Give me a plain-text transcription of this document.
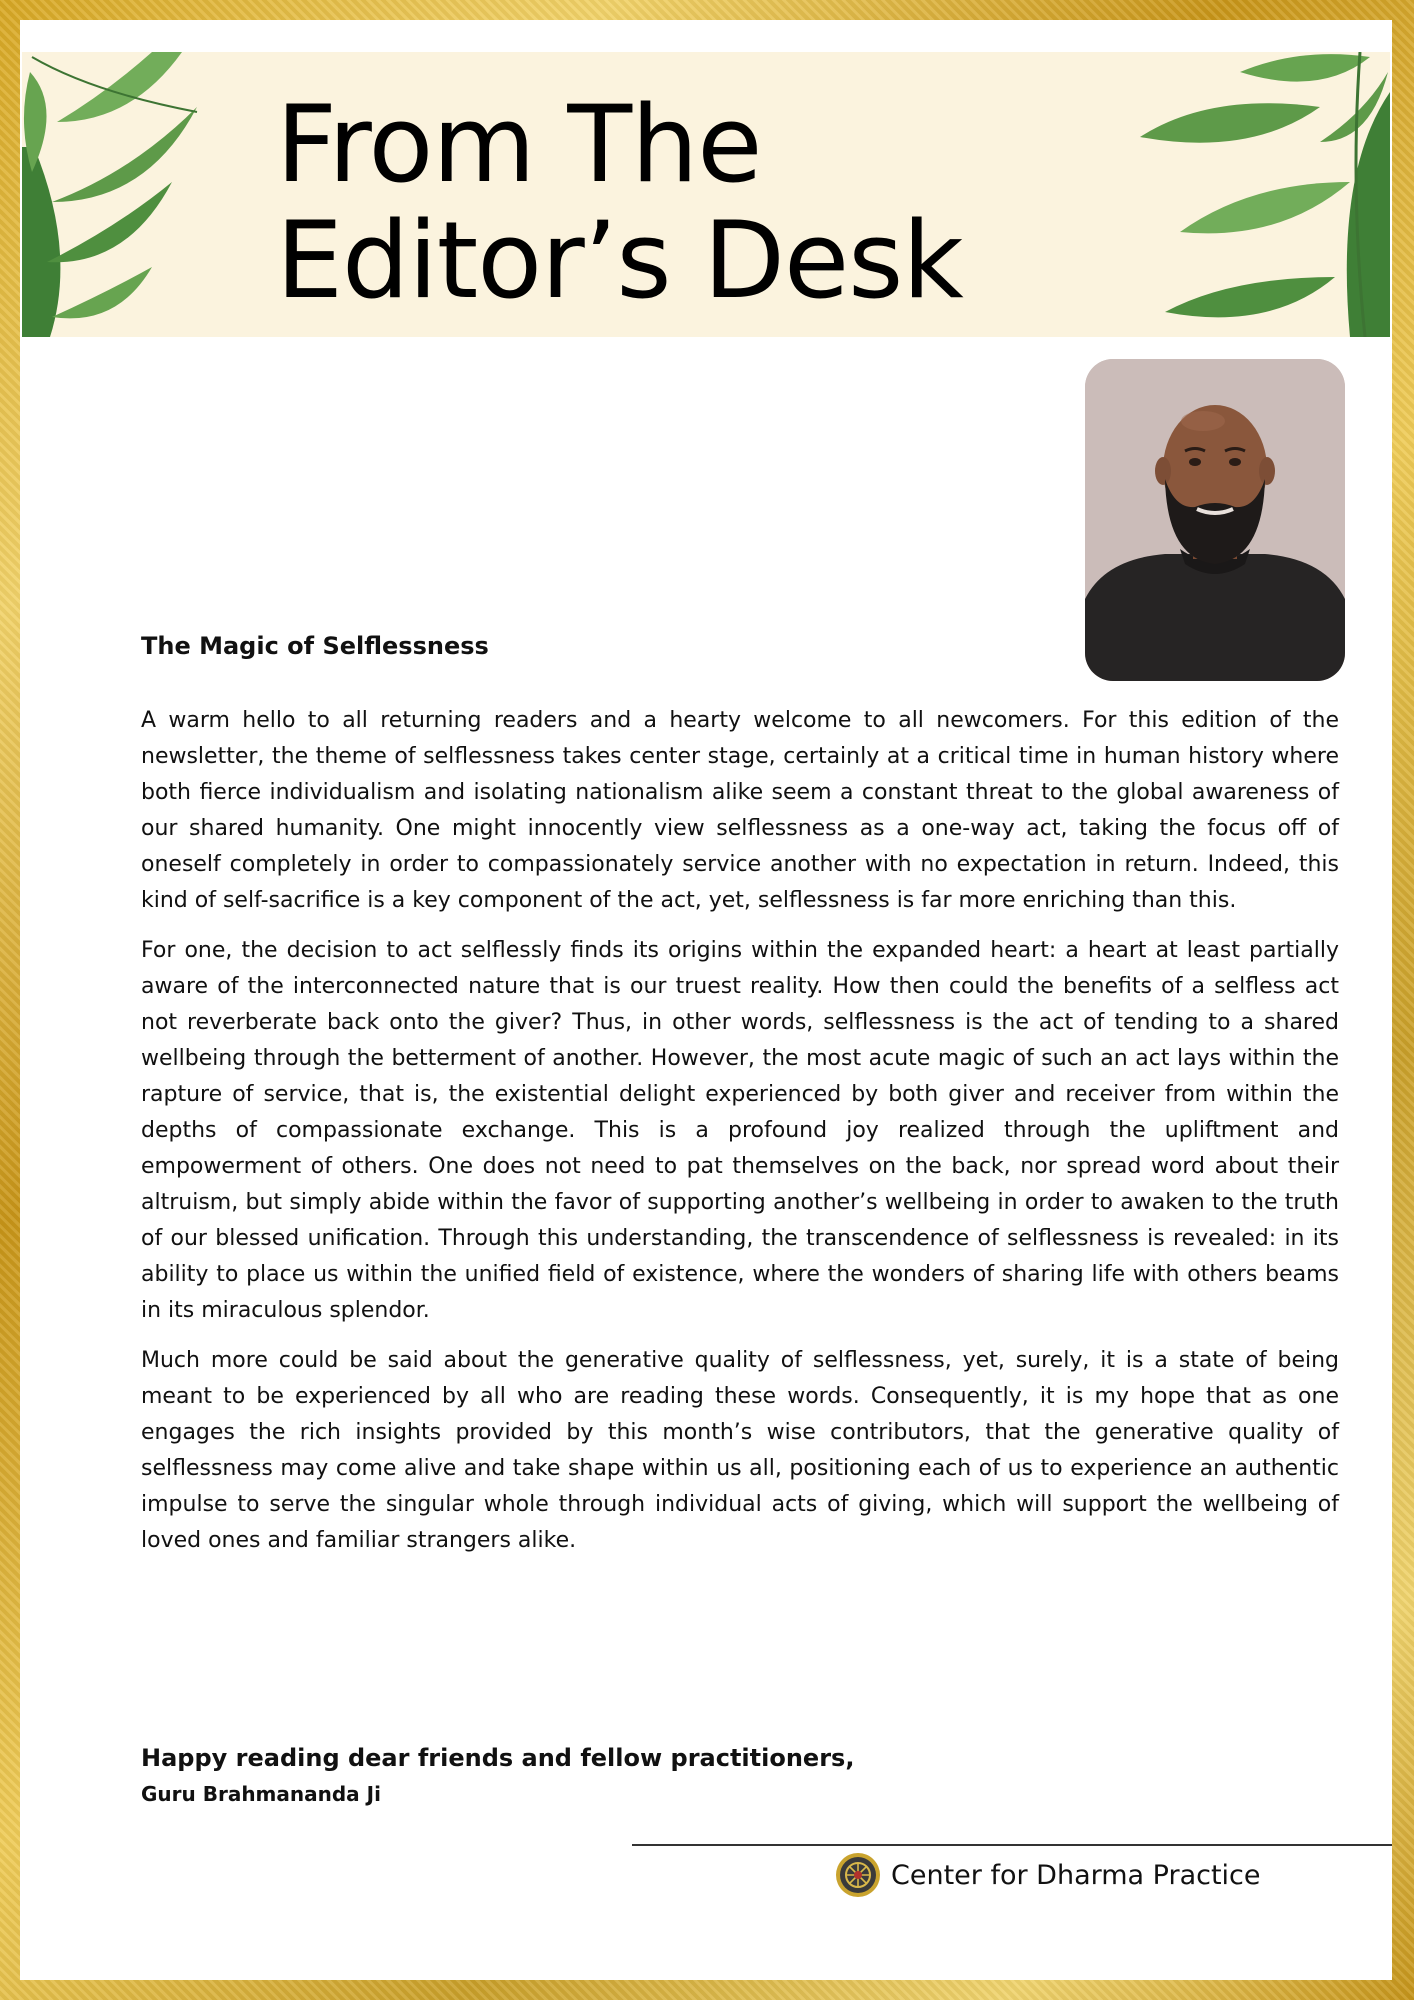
From The
Editor’s Desk
The Magic of Selflessness

A warm hello to all returning readers and a hearty welcome to all newcomers. For this edition of the newsletter, the theme of selflessness takes center stage, certainly at a critical time in human history where both fierce individualism and isolating nationalism alike seem a constant threat to the global awareness of our shared humanity. One might innocently view selflessness as a one-way act, taking the focus off of oneself completely in order to compassionately service another with no expectation in return. Indeed, this kind of self-sacrifice is a key component of the act, yet, selflessness is far more enriching than this.

For one, the decision to act selflessly finds its origins within the expanded heart: a heart at least partially aware of the interconnected nature that is our truest reality. How then could the benefits of a selfless act not reverberate back onto the giver? Thus, in other words, selflessness is the act of tending to a shared wellbeing through the betterment of another. However, the most acute magic of such an act lays within the rapture of service, that is, the existential delight experienced by both giver and receiver from within the depths of compassionate exchange. This is a profound joy realized through the upliftment and empowerment of others. One does not need to pat themselves on the back, nor spread word about their altruism, but simply abide within the favor of supporting another’s wellbeing in order to awaken to the truth of our blessed unification. Through this understanding, the transcendence of selflessness is revealed: in its ability to place us within the unified field of existence, where the wonders of sharing life with others beams in its miraculous splendor.

Much more could be said about the generative quality of selflessness, yet, surely, it is a state of being meant to be experienced by all who are reading these words. Consequently, it is my hope that as one engages the rich insights provided by this month’s wise contributors, that the generative quality of selflessness may come alive and take shape within us all, positioning each of us to experience an authentic impulse to serve the singular whole through individual acts of giving, which will support the wellbeing of loved ones and familiar strangers alike.

Happy reading dear friends and fellow practitioners,

Guru Brahmananda Ji

Center for Dharma Practice
